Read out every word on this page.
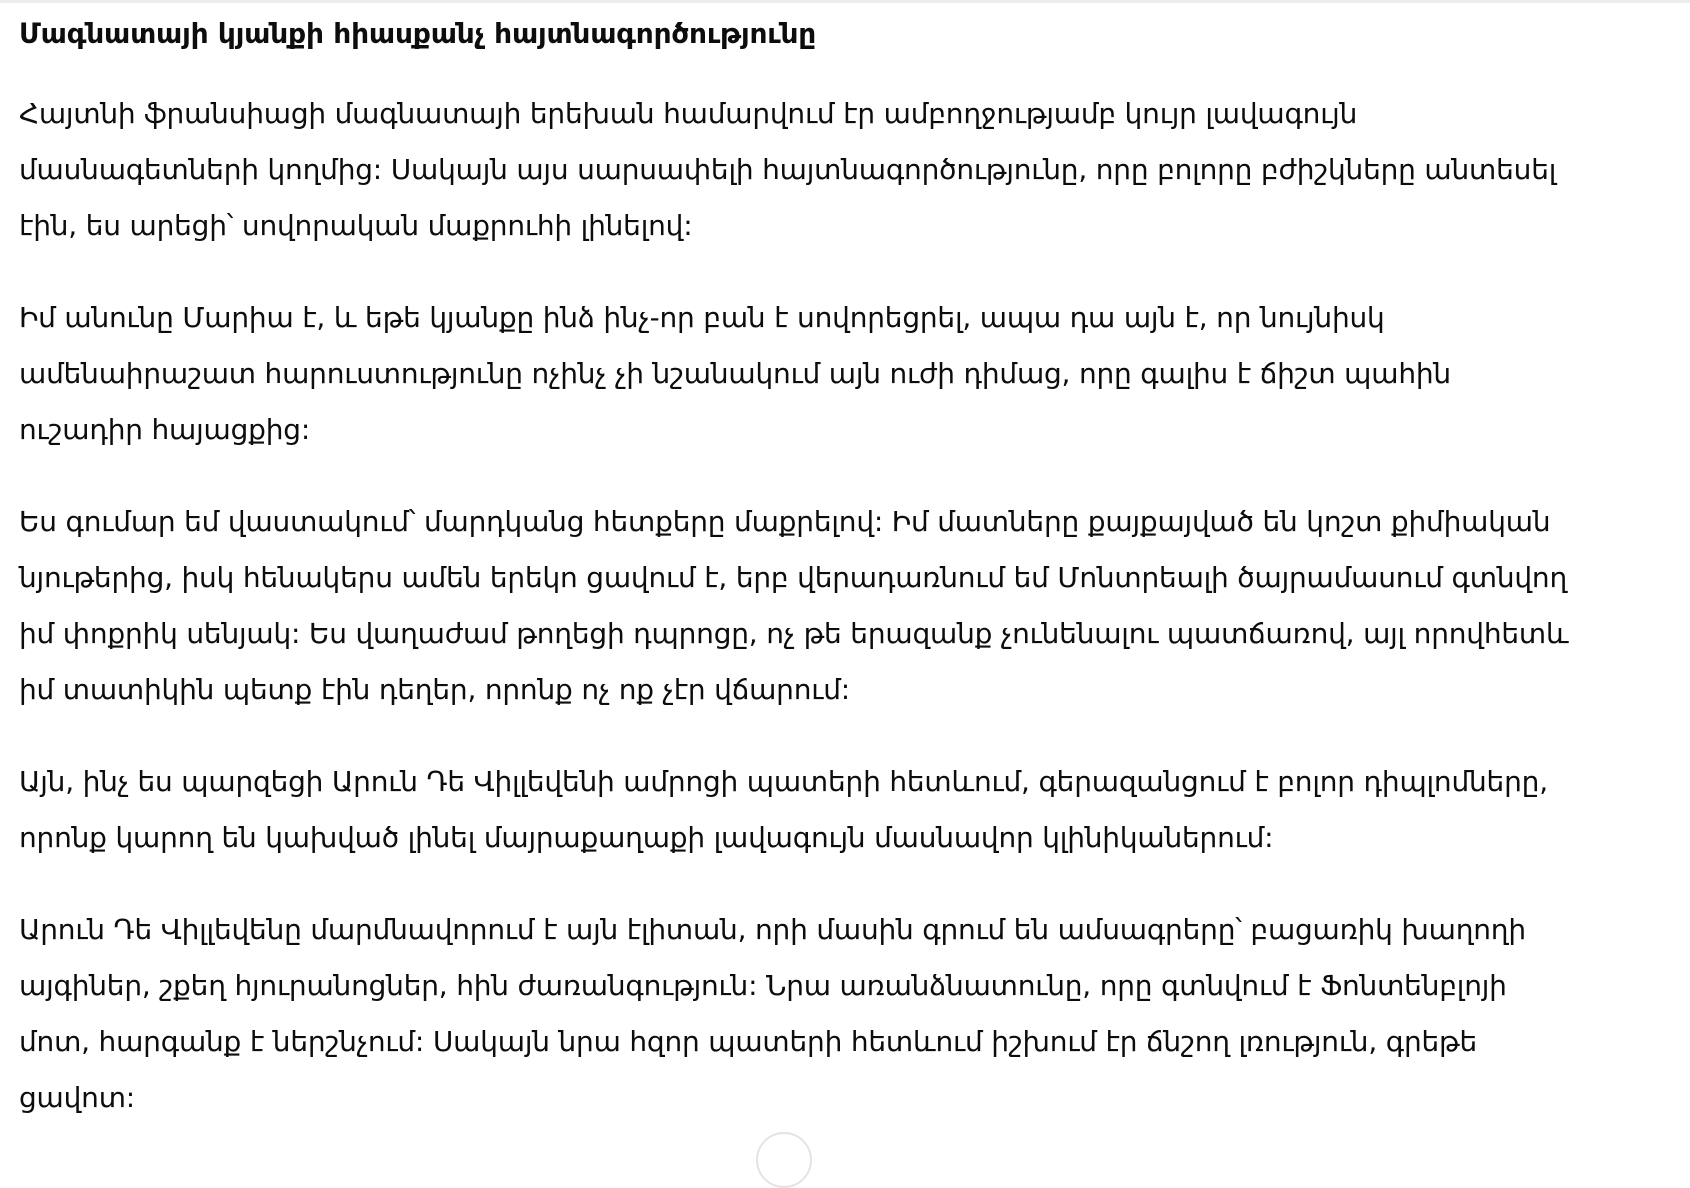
Մագնատայի կյանքի հիասքանչ հայտնագործությունը

Հայտնի ֆրանսիացի մագնատայի երեխան համարվում էր ամբողջությամբ կույր լավագույն մասնագետների կողմից: Սակայն այս սարսափելի հայտնագործությունը, որը բոլորը բժիշկները անտեսել էին, ես արեցի՝ սովորական մաքրուհի լինելով:

Իմ անունը Մարիա է, և եթե կյանքը ինձ ինչ-որ բան է սովորեցրել, ապա դա այն է, որ նույնիսկ ամենաիրաշատ հարուստությունը ոչինչ չի նշանակում այն ուժի դիմաց, որը գալիս է ճիշտ պահին ուշադիր հայացքից:

Ես գումար եմ վաստակում՝ մարդկանց հետքերը մաքրելով: Իմ մատները քայքայված են կոշտ քիմիական նյութերից, իսկ հենակերս ամեն երեկո ցավում է, երբ վերադառնում եմ Մոնտրեալի ծայրամասում գտնվող իմ փոքրիկ սենյակ: Ես վաղաժամ թողեցի դպրոցը, ոչ թե երազանք չունենալու պատճառով, այլ որովհետև իմ տատիկին պետք էին դեղեր, որոնք ոչ ոք չէր վճարում:

Այն, ինչ ես պարզեցի Արուն Դե Վիլլեվենի ամրոցի պատերի հետևում, գերազանցում է բոլոր դիպլոմները, որոնք կարող են կախված լինել մայրաքաղաքի լավագույն մասնավոր կլինիկաներում:

Արուն Դե Վիլլեվենը մարմնավորում է այն էլիտան, որի մասին գրում են ամսագրերը՝ բացառիկ խաղողի այգիներ, շքեղ հյուրանոցներ, հին ժառանգություն: Նրա առանձնատունը, որը գտնվում է Ֆոնտենբլոյի մոտ, հարգանք է ներշնչում: Սակայն նրա հզոր պատերի հետևում իշխում էր ճնշող լռություն, գրեթե ցավոտ:
